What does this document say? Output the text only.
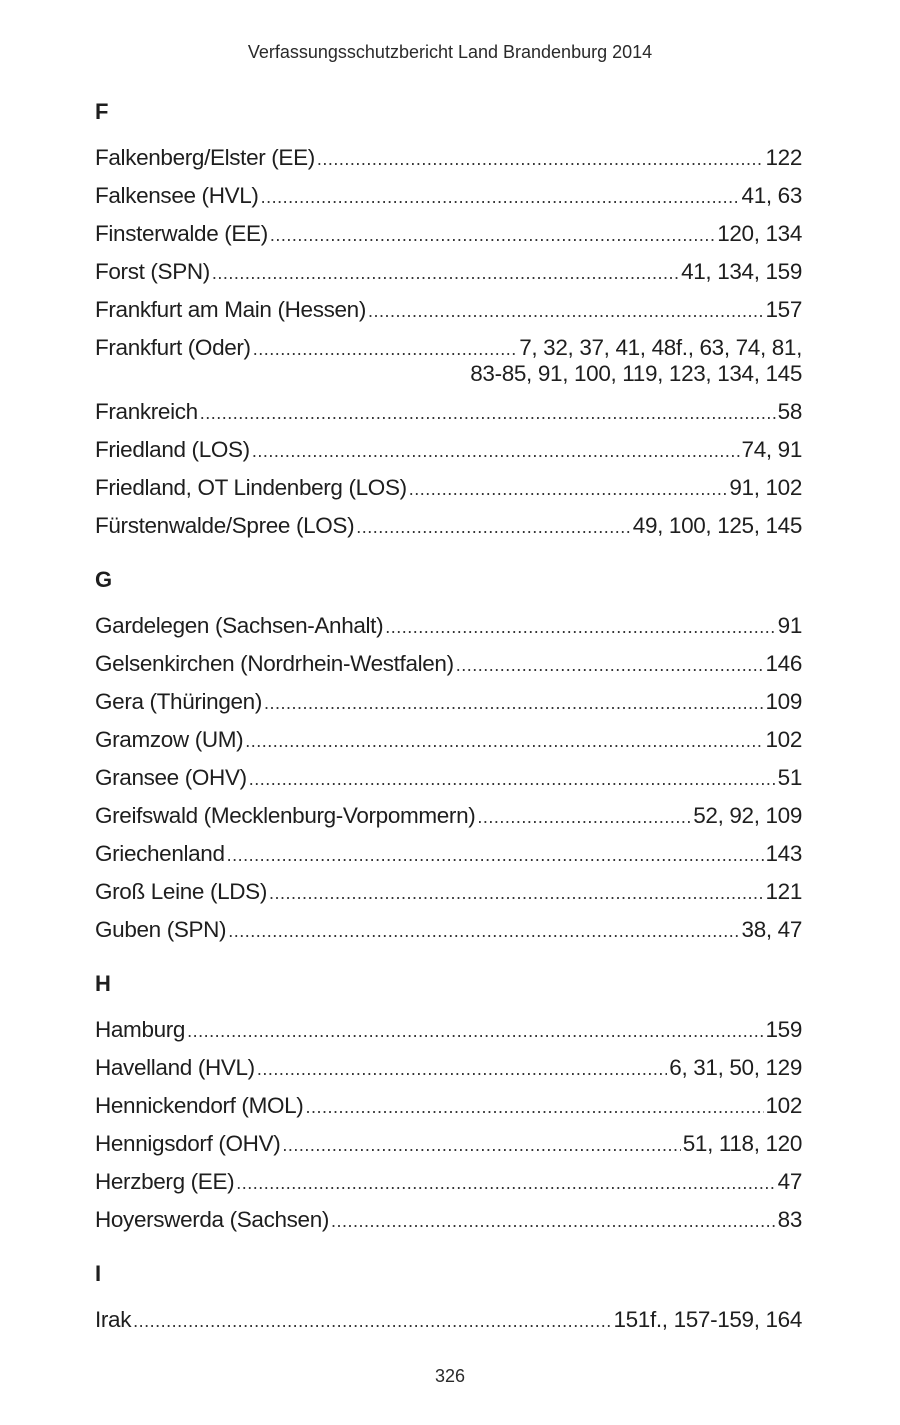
Verfassungsschutzbericht Land Brandenburg 2014
F
Falkenberg/Elster (EE) .....	122
Falkensee (HVL) .....	41, 63
Finsterwalde (EE) .....	120, 134
Forst (SPN) .....	41, 134, 159
Frankfurt am Main (Hessen) .....	157
Frankfurt (Oder) .....	7, 32, 37, 41, 48f., 63, 74, 81,
83-85, 91, 100, 119, 123, 134, 145
Frankreich .....	58
Friedland (LOS) .....	74, 91
Friedland, OT Lindenberg (LOS) .....	91, 102
Fürstenwalde/Spree (LOS) .....	49, 100, 125, 145
G
Gardelegen (Sachsen-Anhalt) .....	91
Gelsenkirchen (Nordrhein-Westfalen) .....	146
Gera (Thüringen) .....	109
Gramzow (UM) .....	102
Gransee (OHV) .....	51
Greifswald (Mecklenburg-Vorpommern) .....	52, 92, 109
Griechenland .....	143
Groß Leine (LDS) .....	121
Guben (SPN) .....	38, 47
H
Hamburg .....	159
Havelland (HVL) .....	6, 31, 50, 129
Hennickendorf (MOL) .....	102
Hennigsdorf (OHV) .....	51, 118, 120
Herzberg (EE) .....	47
Hoyerswerda (Sachsen) .....	83
I
Irak .....	151f., 157-159, 164
326
